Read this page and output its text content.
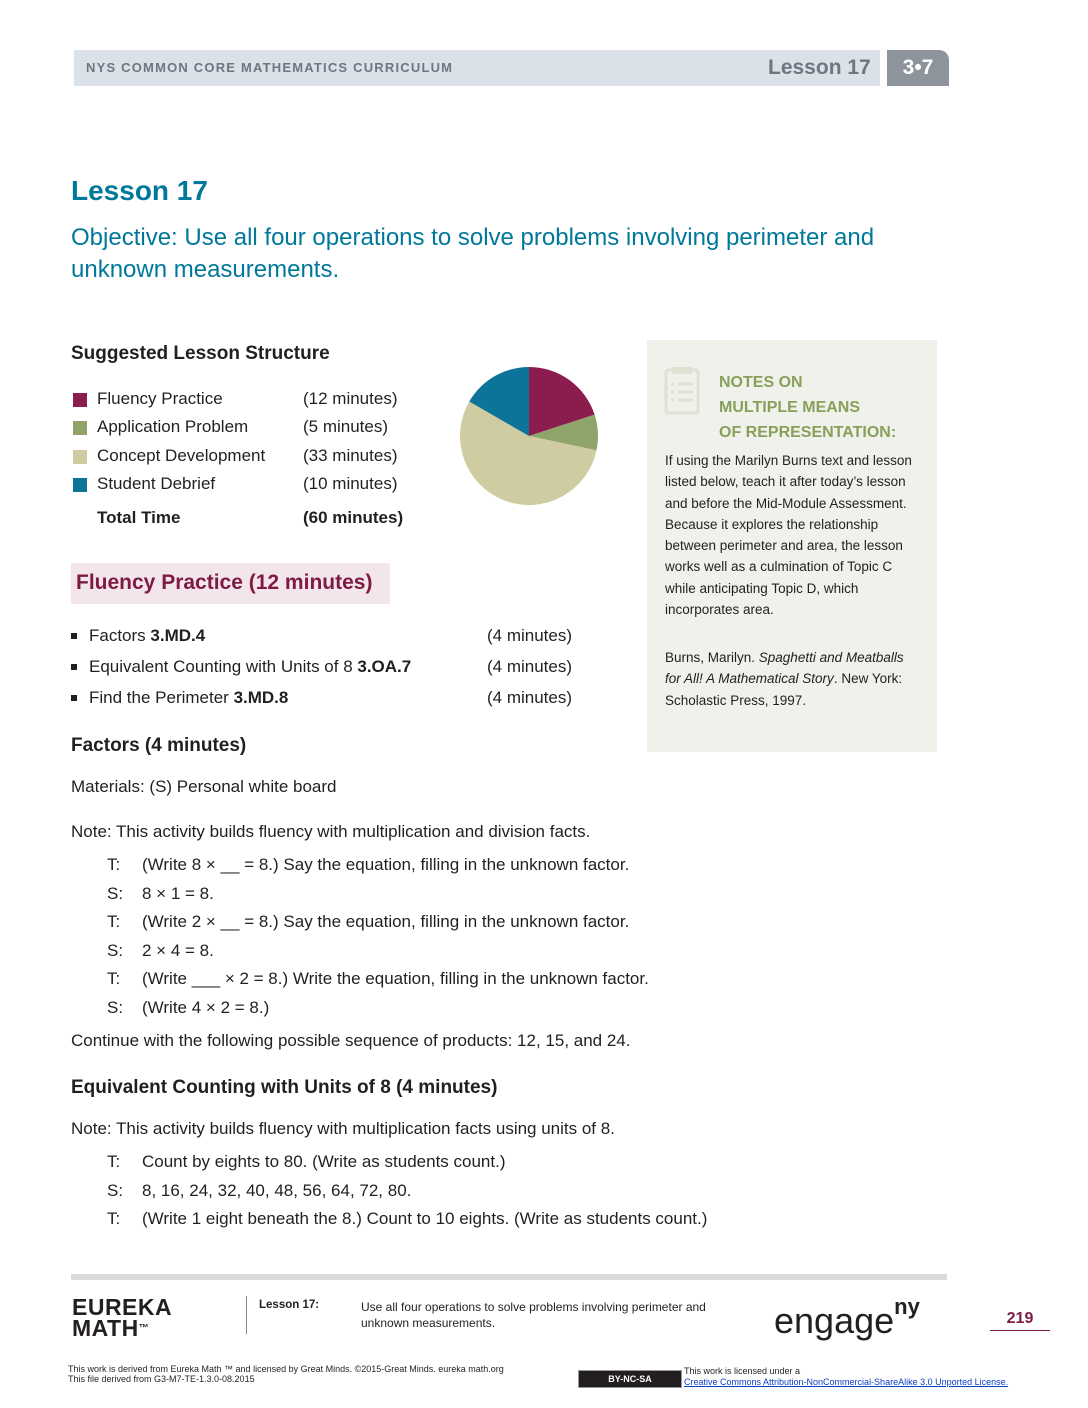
NYS COMMON CORE MATHEMATICS CURRICULUM	Lesson 17	3•7
Lesson 17
Objective: Use all four operations to solve problems involving perimeter and unknown measurements.
Suggested Lesson Structure
Fluency Practice	(12 minutes)
Application Problem	(5 minutes)
Concept Development (33 minutes)
Student Debrief	(10 minutes)
Total Time	(60 minutes)
NOTES ON
MULTIPLE MEANS
OF REPRESENTATION:
If using the Marilyn Burns text and lesson listed below, teach it after today’s lesson and before the Mid-Module Assessment. Because it explores the relationship between perimeter and area, the lesson works well as a culmination of Topic C while anticipating Topic D, which incorporates area.
Burns, Marilyn. Spaghetti and Meatballs for All! A Mathematical Story. New York: Scholastic Press, 1997.
Fluency Practice (12 minutes)
Factors 3.MD.4	(4 minutes)
Equivalent Counting with Units of 8 3.OA.7	(4 minutes)
Find the Perimeter 3.MD.8	(4 minutes)
Factors (4 minutes)
Materials: (S) Personal white board
Note: This activity builds fluency with multiplication and division facts.
T: (Write 8 × __ = 8.) Say the equation, filling in the unknown factor.
S: 8 × 1 = 8.
T: (Write 2 × __ = 8.) Say the equation, filling in the unknown factor.
S: 2 × 4 = 8.
T: (Write ___ × 2 = 8.) Write the equation, filling in the unknown factor.
S: (Write 4 × 2 = 8.)
Continue with the following possible sequence of products: 12, 15, and 24.
Equivalent Counting with Units of 8 (4 minutes)
Note: This activity builds fluency with multiplication facts using units of 8.
T: Count by eights to 80. (Write as students count.)
S: 8, 16, 24, 32, 40, 48, 56, 64, 72, 80.
T: (Write 1 eight beneath the 8.) Count to 10 eights. (Write as students count.)
EUREKA
MATH™
Lesson 17:	Use all four operations to solve problems involving perimeter and unknown measurements.	engage$^{ny}$	219
This work is derived from Eureka Math ™ and licensed by Great Minds. ©2015-Great Minds. eureka math.org
This file derived from G3-M7-TE-1.3.0-08.2015	BY-NC-SA
This work is licensed under a
Creative Commons Attribution-NonCommercial-ShareAlike 3.0 Unported License.
